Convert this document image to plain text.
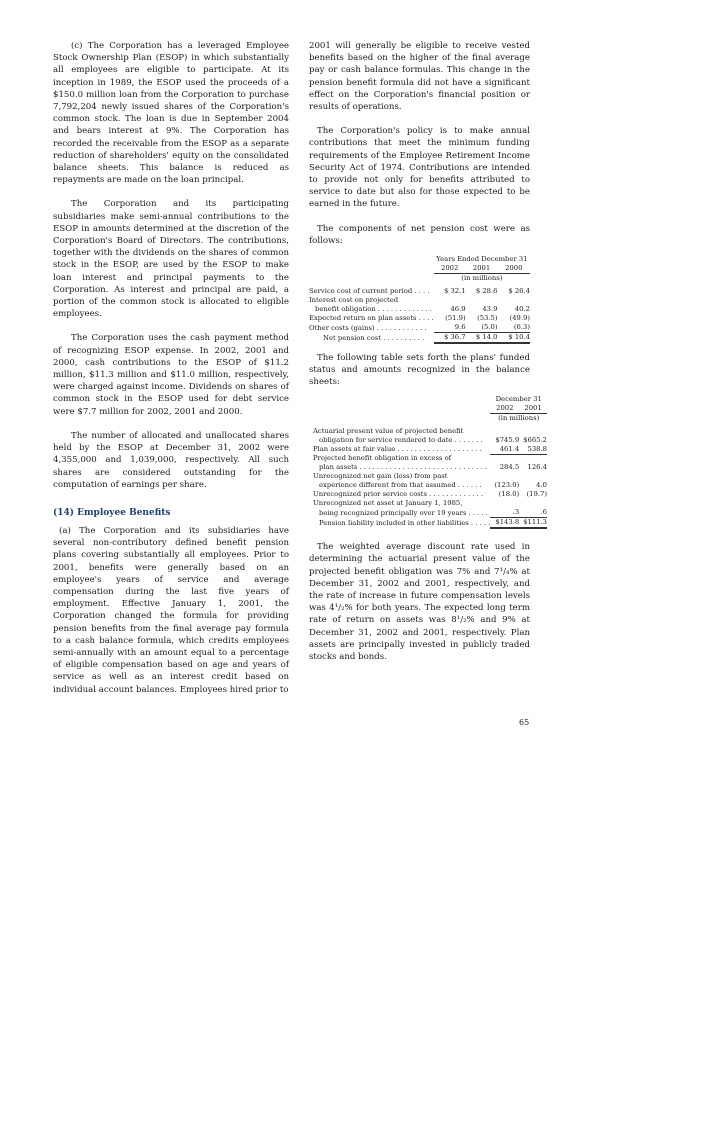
(c) The Corporation has a leveraged Employee Stock Ownership Plan (ESOP) in which substantially all employees are eligible to participate. At its inception in 1989, the ESOP used the proceeds of a $150.0 million loan from the Corporation to purchase 7,792,204 newly issued shares of the Corporation's common stock. The loan is due in September 2004 and bears interest at 9%. The Corporation has recorded the receivable from the ESOP as a separate reduction of shareholders' equity on the consolidated balance sheets. This balance is reduced as repayments are made on the loan principal.

The Corporation and its participating subsidiaries make semi-annual contributions to the ESOP in amounts determined at the discretion of the Corporation's Board of Directors. The contributions, together with the dividends on the shares of common stock in the ESOP, are used by the ESOP to make loan interest and principal payments to the Corporation. As interest and principal are paid, a portion of the common stock is allocated to eligible employees.

The Corporation uses the cash payment method of recognizing ESOP expense. In 2002, 2001 and 2000, cash contributions to the ESOP of $11.2 million, $11.3 million and $11.0 million, respectively, were charged against income. Dividends on shares of common stock in the ESOP used for debt service were $7.7 million for 2002, 2001 and 2000.

The number of allocated and unallocated shares held by the ESOP at December 31, 2002 were 4,355,000 and 1,039,000, respectively. All such shares are considered outstanding for the computation of earnings per share.

(14) Employee Benefits

(a) The Corporation and its subsidiaries have several non-contributory defined benefit pension plans covering substantially all employees. Prior to 2001, benefits were generally based on an employee's years of service and average compensation during the last five years of employment. Effective January 1, 2001, the Corporation changed the formula for providing pension benefits from the final average pay formula to a cash balance formula, which credits employees semi-annually with an amount equal to a percentage of eligible compensation based on age and years of service as well as an interest credit based on individual account balances. Employees hired prior to

2001 will generally be eligible to receive vested benefits based on the higher of the final average pay or cash balance formulas. This change in the pension benefit formula did not have a significant effect on the Corporation's financial position or results of operations.

The Corporation's policy is to make annual contributions that meet the minimum funding requirements of the Employee Retirement Income Security Act of 1974. Contributions are intended to provide not only for benefits attributed to service to date but also for those expected to be earned in the future.

The components of net pension cost were as follows:

	Years Ended December 31		
	2002	2001	2000
	(in millions)		

Service cost of current period . . . .	$ 32.1	$ 28.6	$ 26.4
Interest cost on projected			
benefit obligation . . . . . . . . . . . . .	46.9	43.9	40.2
Expected return on plan assets . . . .	(51.9)	(53.5)	(49.9)
Other costs (gains) . . . . . . . . . . . .	9.6	(5.0)	(6.3)
Net pension cost . . . . . . . . . .	$ 36.7	$ 14.0	$ 10.4

The following table sets forth the plans' funded status and amounts recognized in the balance sheets:

	December 31	
	2002	2001
	(in millions)	

Actuarial present value of projected benefit		
obligation for service rendered to date . . . . . . .	$745.9	$665.2
Plan assets at fair value . . . . . . . . . . . . . . . . . . . .	461.4	538.8
Projected benefit obligation in excess of		
plan assets . . . . . . . . . . . . . . . . . . . . . . . . . . . . . .	284.5	126.4
Unrecognized net gain (loss) from past		
experience different from that assumed . . . . . .	(123.0)	4.0
Unrecognized prior service costs . . . . . . . . . . . . .	(18.0)	(19.7)
Unrecognized net asset at January 1, 1985,		
being recognized principally over 19 years . . . . .	.3	.6
Pension liability included in other liabilities . . . . .	$143.8	$111.3

The weighted average discount rate used in determining the actuarial present value of the projected benefit obligation was 7% and 7¹/₄% at December 31, 2002 and 2001, respectively, and the rate of increase in future compensation levels was 4¹/₂% for both years. The expected long term rate of return on assets was 8¹/₂% and 9% at December 31, 2002 and 2001, respectively. Plan assets are principally invested in publicly traded stocks and bonds.

65
